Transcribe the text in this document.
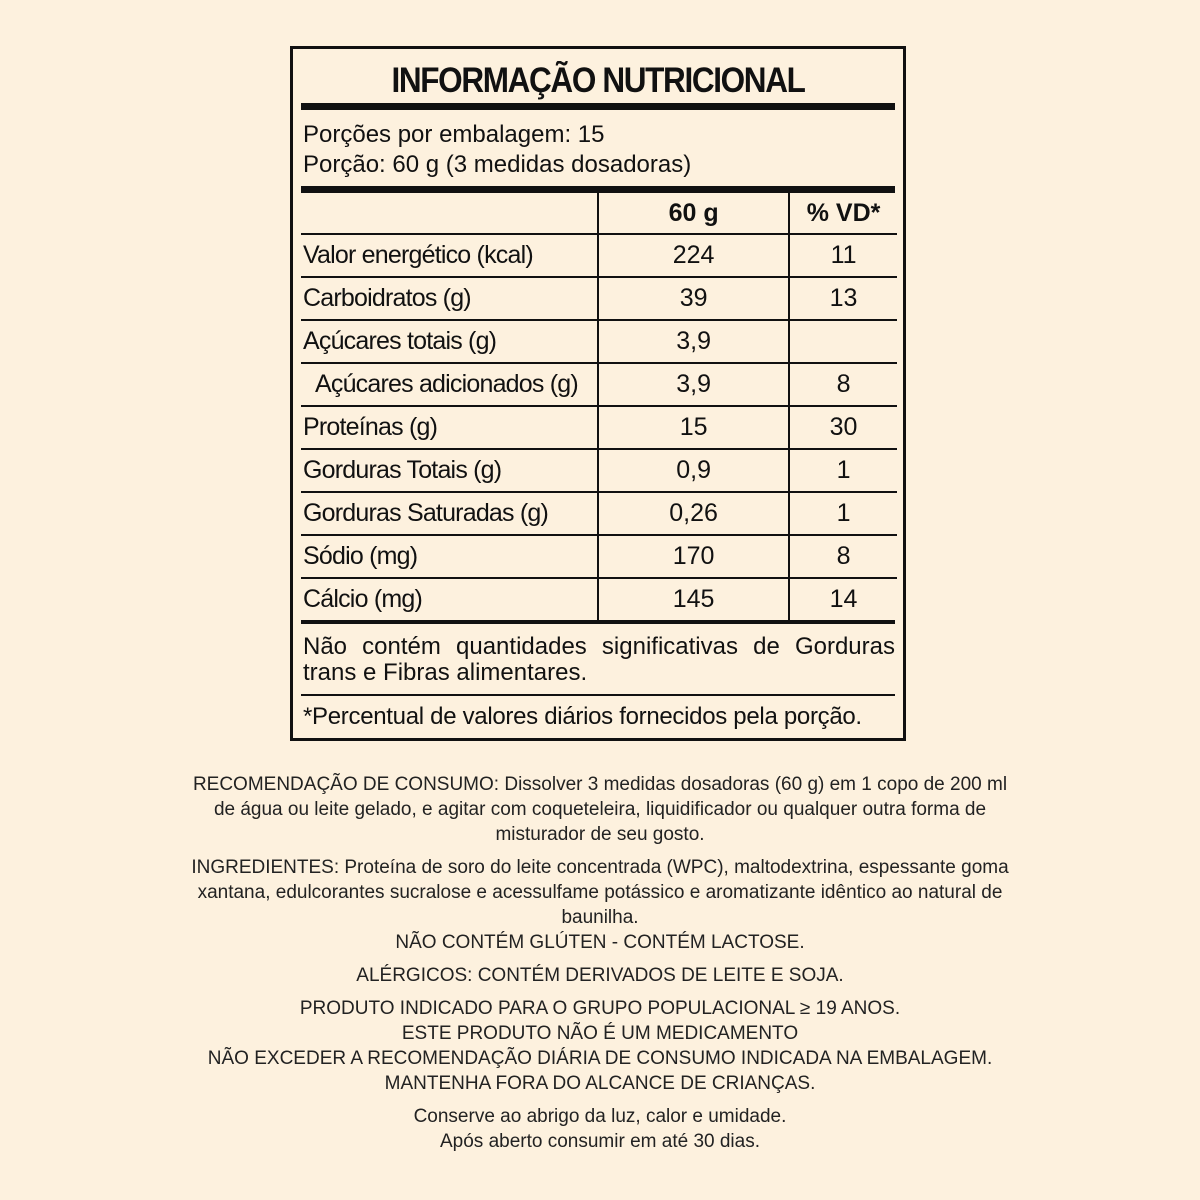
INFORMAÇÃO NUTRICIONAL
Porções por embalagem: 15
Porção: 60 g (3 medidas dosadoras)
	60 g	% VD*
Valor energético (kcal)	224	11
Carboidratos (g)	39	13
Açúcares totais (g)	3,9	
Açúcares adicionados (g)	3,9	8
Proteínas (g)	15	30
Gorduras Totais (g)	0,9	1
Gorduras Saturadas (g)	0,26	1
Sódio (mg)	170	8
Cálcio (mg)	145	14
Não contém quantidades significativas de Gorduras trans e Fibras alimentares.
*Percentual de valores diários fornecidos pela porção.

RECOMENDAÇÃO DE CONSUMO: Dissolver 3 medidas dosadoras (60 g) em 1 copo de 200 ml de água ou leite gelado, e agitar com coqueteleira, liquidificador ou qualquer outra forma de misturador de seu gosto.

INGREDIENTES: Proteína de soro do leite concentrada (WPC), maltodextrina, espessante goma xantana, edulcorantes sucralose e acessulfame potássico e aromatizante idêntico ao natural de baunilha.

NÃO CONTÉM GLÚTEN - CONTÉM LACTOSE.

ALÉRGICOS: CONTÉM DERIVADOS DE LEITE E SOJA.

PRODUTO INDICADO PARA O GRUPO POPULACIONAL ≥ 19 ANOS.

ESTE PRODUTO NÃO É UM MEDICAMENTO

NÃO EXCEDER A RECOMENDAÇÃO DIÁRIA DE CONSUMO INDICADA NA EMBALAGEM. MANTENHA FORA DO ALCANCE DE CRIANÇAS.

Conserve ao abrigo da luz, calor e umidade.

Após aberto consumir em até 30 dias.
